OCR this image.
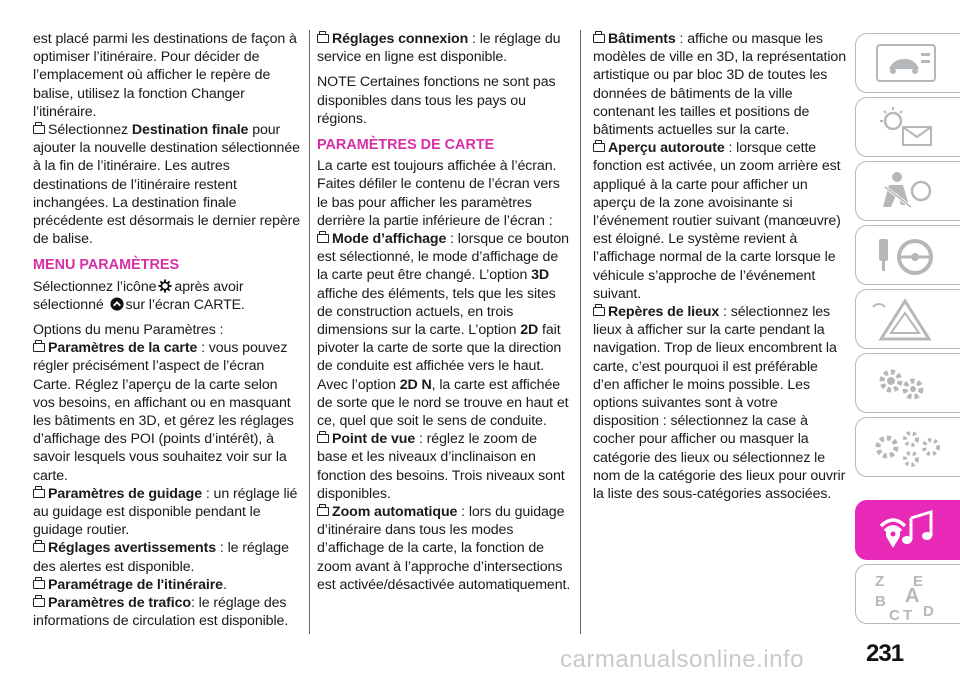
est placé parmi les destinations de façon à optimiser l’itinéraire. Pour décider de l’emplacement où afficher le repère de balise, utilisez la fonction Changer l’itinéraire.

Sélectionnez Destination finale pour ajouter la nouvelle destination sélectionnée à la fin de l’itinéraire. Les autres destinations de l’itinéraire restent inchangées. La destination finale précédente est désormais le dernier repère de balise.

MENU PARAMÈTRES

Sélectionnez l’icône après avoir sélectionné sur l’écran CARTE.

Options du menu Paramètres :

Paramètres de la carte : vous pouvez régler précisément l’aspect de l’écran Carte. Réglez l’aperçu de la carte selon vos besoins, en affichant ou en masquant les bâtiments en 3D, et gérez les réglages d’affichage des POI (points d’intérêt), à savoir lesquels vous souhaitez voir sur la carte.

Paramètres de guidage : un réglage lié au guidage est disponible pendant le guidage routier.

Réglages avertissements : le réglage des alertes est disponible.

Paramétrage de l'itinéraire.

Paramètres de trafico: le réglage des informations de circulation est disponible.

Réglages connexion : le réglage du service en ligne est disponible.

NOTE Certaines fonctions ne sont pas disponibles dans tous les pays ou régions.

PARAMÈTRES DE CARTE

La carte est toujours affichée à l’écran. Faites défiler le contenu de l’écran vers le bas pour afficher les paramètres derrière la partie inférieure de l’écran :

Mode d’affichage : lorsque ce bouton est sélectionné, le mode d’affichage de la carte peut être changé. L’option 3D affiche des éléments, tels que les sites de construction actuels, en trois dimensions sur la carte. L’option 2D fait pivoter la carte de sorte que la direction de conduite est affichée vers le haut. Avec l’option 2D N, la carte est affichée de sorte que le nord se trouve en haut et ce, quel que soit le sens de conduite.

Point de vue : réglez le zoom de base et les niveaux d’inclinaison en fonction des besoins. Trois niveaux sont disponibles.

Zoom automatique : lors du guidage d’itinéraire dans tous les modes d’affichage de la carte, la fonction de zoom avant à l’approche d’intersections est activée/désactivée automatiquement.

Bâtiments : affiche ou masque les modèles de ville en 3D, la représentation artistique ou par bloc 3D de toutes les données de bâtiments de la ville contenant les tailles et positions de bâtiments actuelles sur la carte.

Aperçu autoroute : lorsque cette fonction est activée, un zoom arrière est appliqué à la carte pour afficher un aperçu de la zone avoisinante si l’événement routier suivant (manœuvre) est éloigné. Le système revient à l’affichage normal de la carte lorsque le véhicule s’approche de l’événement suivant.

Repères de lieux : sélectionnez les lieux à afficher sur la carte pendant la navigation. Trop de lieux encombrent la carte, c’est pourquoi il est préférable d’en afficher le moins possible. Les options suivantes sont à votre disposition : sélectionnez la case à cocher pour afficher ou masquer la catégorie des lieux ou sélectionnez le nom de la catégorie des lieux pour ouvrir la liste des sous-catégories associées.

Z E
B A
C T D
carmanualsonline.info	231
